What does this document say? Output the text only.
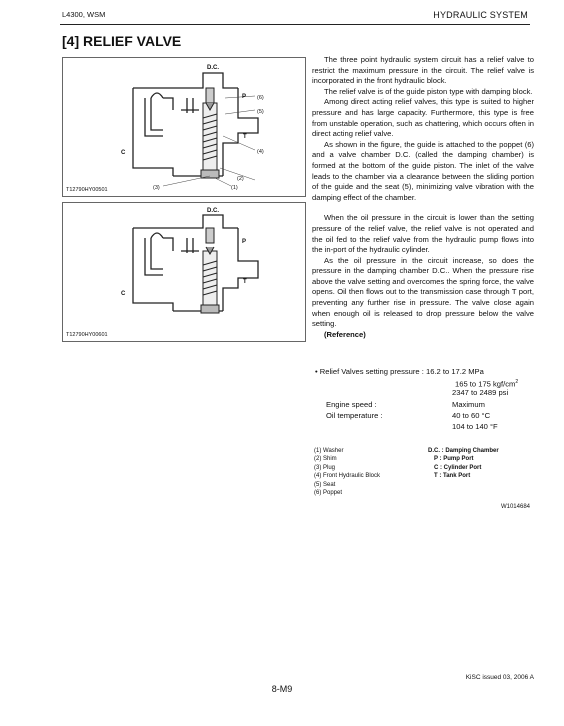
L4300, WSM	HYDRAULIC SYSTEM
[4] RELIEF VALVE
D.C.
P
T
C
(6)
(5)
(4)
(2)
(3)	(1)
T12790HY00501
D.C.
P
T
C
T12790HY00601

The three point hydraulic system circuit has a relief valve to restrict the maximum pressure in the circuit. The relief valve is incorporated in the front hydraulic block.

The relief valve is of the guide piston type with damping block.

Among direct acting relief valves, this type is suited to higher pressure and has large capacity. Furthermore, this type is free from unstable operation, such as chattering, which occurs often in direct acting relief valve.

As shown in the figure, the guide is attached to the poppet (6) and a valve chamber D.C. (called the damping chamber) is formed at the bottom of the guide piston. The inlet of the valve leads to the chamber via a clearance between the sliding portion of the guide and the seat (5), minimizing valve vibration with the damping effect of the chamber.

When the oil pressure in the circuit is lower than the setting pressure of the relief valve, the relief valve is not operated and the oil fed to the relief valve from the hydraulic pump flows into the in-port of the hydraulic cylinder.

As the oil pressure in the circuit increase, so does the pressure in the damping chamber D.C.. When the pressure rise above the valve setting and overcomes the spring force, the valve opens. Oil then flows out to the transmission case through T port, preventing any further rise in pressure. The valve close again when enough oil is released to drop pressure below the valve setting.

(Reference)

• Relief Valves setting pressure : 16.2 to 17.2 MPa
165 to 175 kgf/$cm^2$
2347 to 2489 psi
Engine speed :	Maximum
Oil temperature :	40 to 60 °C
104 to 140 °F
(1) Washer
(2) Shim
(3) Plug
(4) Front Hydraulic Block
(5) Seat
(6) Poppet
D.C. : Damping Chamber
P : Pump Port
C : Cylinder Port
T : Tank Port
W1014684
KiSC issued 03, 2006 A
8-M9
